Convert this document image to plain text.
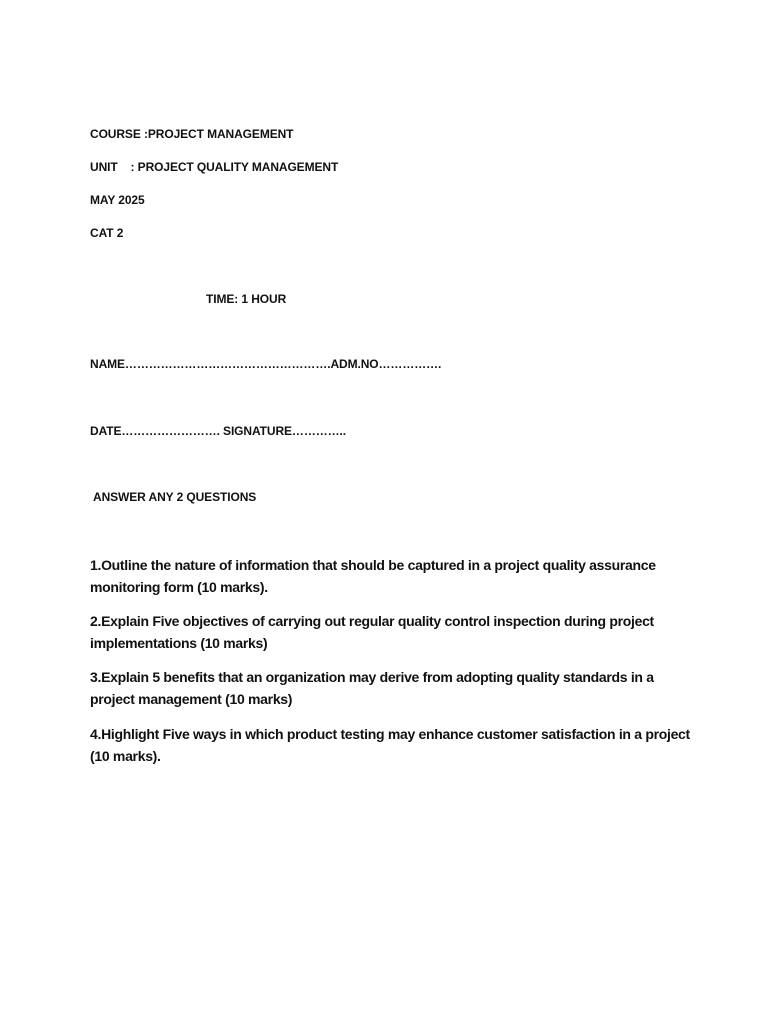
COURSE :PROJECT MANAGEMENT
UNIT    : PROJECT QUALITY MANAGEMENT
MAY 2025
CAT 2
TIME: 1 HOUR
NAME…………………………………………….ADM.NO…………….
DATE……………………. SIGNATURE…………..
ANSWER ANY 2 QUESTIONS
1.Outline the nature of information that should be captured in a project quality assurance monitoring form (10 marks).
2.Explain Five objectives of carrying out regular quality control inspection during project implementations (10 marks)
3.Explain 5 benefits that an organization may derive from adopting quality standards in a project management (10 marks)
4.Highlight Five ways in which product testing may enhance customer satisfaction in a project (10 marks).
